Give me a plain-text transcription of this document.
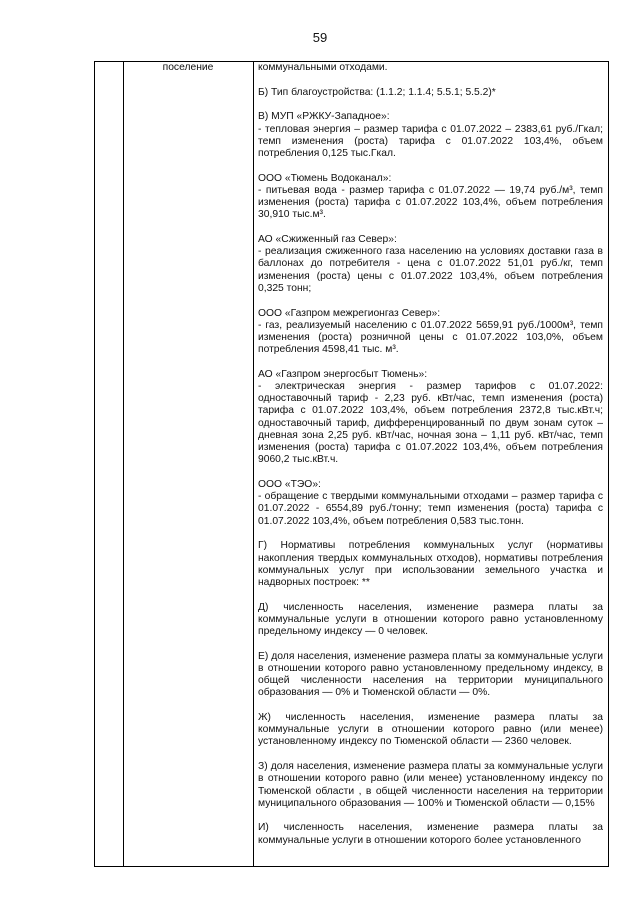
59
поселение	коммунальными отходами.

Б) Тип благоустройства: (1.1.2; 1.1.4; 5.5.1; 5.5.2)*

В) МУП «РЖКУ-Западное»:
- тепловая энергия – размер тарифа с 01.07.2022 – 2383,61 руб./Гкал; темп изменения (роста) тарифа с 01.07.2022 103,4%, объем потребления 0,125 тыс.Гкал.

ООО «Тюмень Водоканал»:
- питьевая вода - размер тарифа с 01.07.2022 — 19,74 руб./м³, темп изменения (роста) тарифа с 01.07.2022 103,4%, объем потребления 30,910 тыс.м³.

АО «Сжиженный газ Север»:
- реализация сжиженного газа населению на условиях доставки газа в баллонах до потребителя - цена с 01.07.2022 51,01 руб./кг, темп изменения (роста) цены с 01.07.2022 103,4%, объем потребления 0,325 тонн;

ООО «Газпром межрегионгаз Север»:
- газ, реализуемый населению с 01.07.2022 5659,91 руб./1000м³, темп изменения (роста) розничной цены с 01.07.2022 103,0%, объем потребления 4598,41 тыс. м³.

АО «Газпром энергосбыт Тюмень»:
- электрическая энергия - размер тарифов с 01.07.2022: одноставочный тариф - 2,23 руб. кВт/час, темп изменения (роста) тарифа с 01.07.2022 103,4%, объем потребления 2372,8 тыс.кВт.ч; одноставочный тариф, дифференцированный по двум зонам суток – дневная зона 2,25 руб. кВт/час, ночная зона – 1,11 руб. кВт/час, темп изменения (роста) тарифа с 01.07.2022 103,4%, объем потребления 9060,2 тыс.кВт.ч.

ООО «ТЭО»:
- обращение с твердыми коммунальными отходами – размер тарифа с 01.07.2022 - 6554,89 руб./тонну; темп изменения (роста) тарифа с 01.07.2022 103,4%, объем потребления 0,583 тыс.тонн.

Г) Нормативы потребления коммунальных услуг (нормативы накопления твердых коммунальных отходов), нормативы потребления коммунальных услуг при использовании земельного участка и надворных построек: **

Д) численность населения, изменение размера платы за коммунальные услуги в отношении которого равно установленному предельному индексу — 0 человек.

Е) доля населения, изменение размера платы за коммунальные услуги в отношении которого равно установленному предельному индексу, в общей численности населения на территории муниципального образования — 0% и Тюменской области — 0%.

Ж) численность населения, изменение размера платы за коммунальные услуги в отношении которого равно (или менее) установленному индексу по Тюменской области — 2360 человек.

З) доля населения, изменение размера платы за коммунальные услуги в отношении которого равно (или менее) установленному индексу по Тюменской области , в общей численности населения на территории муниципального образования — 100% и Тюменской области — 0,15%

И) численность населения, изменение размера платы за коммунальные услуги в отношении которого более установленного
